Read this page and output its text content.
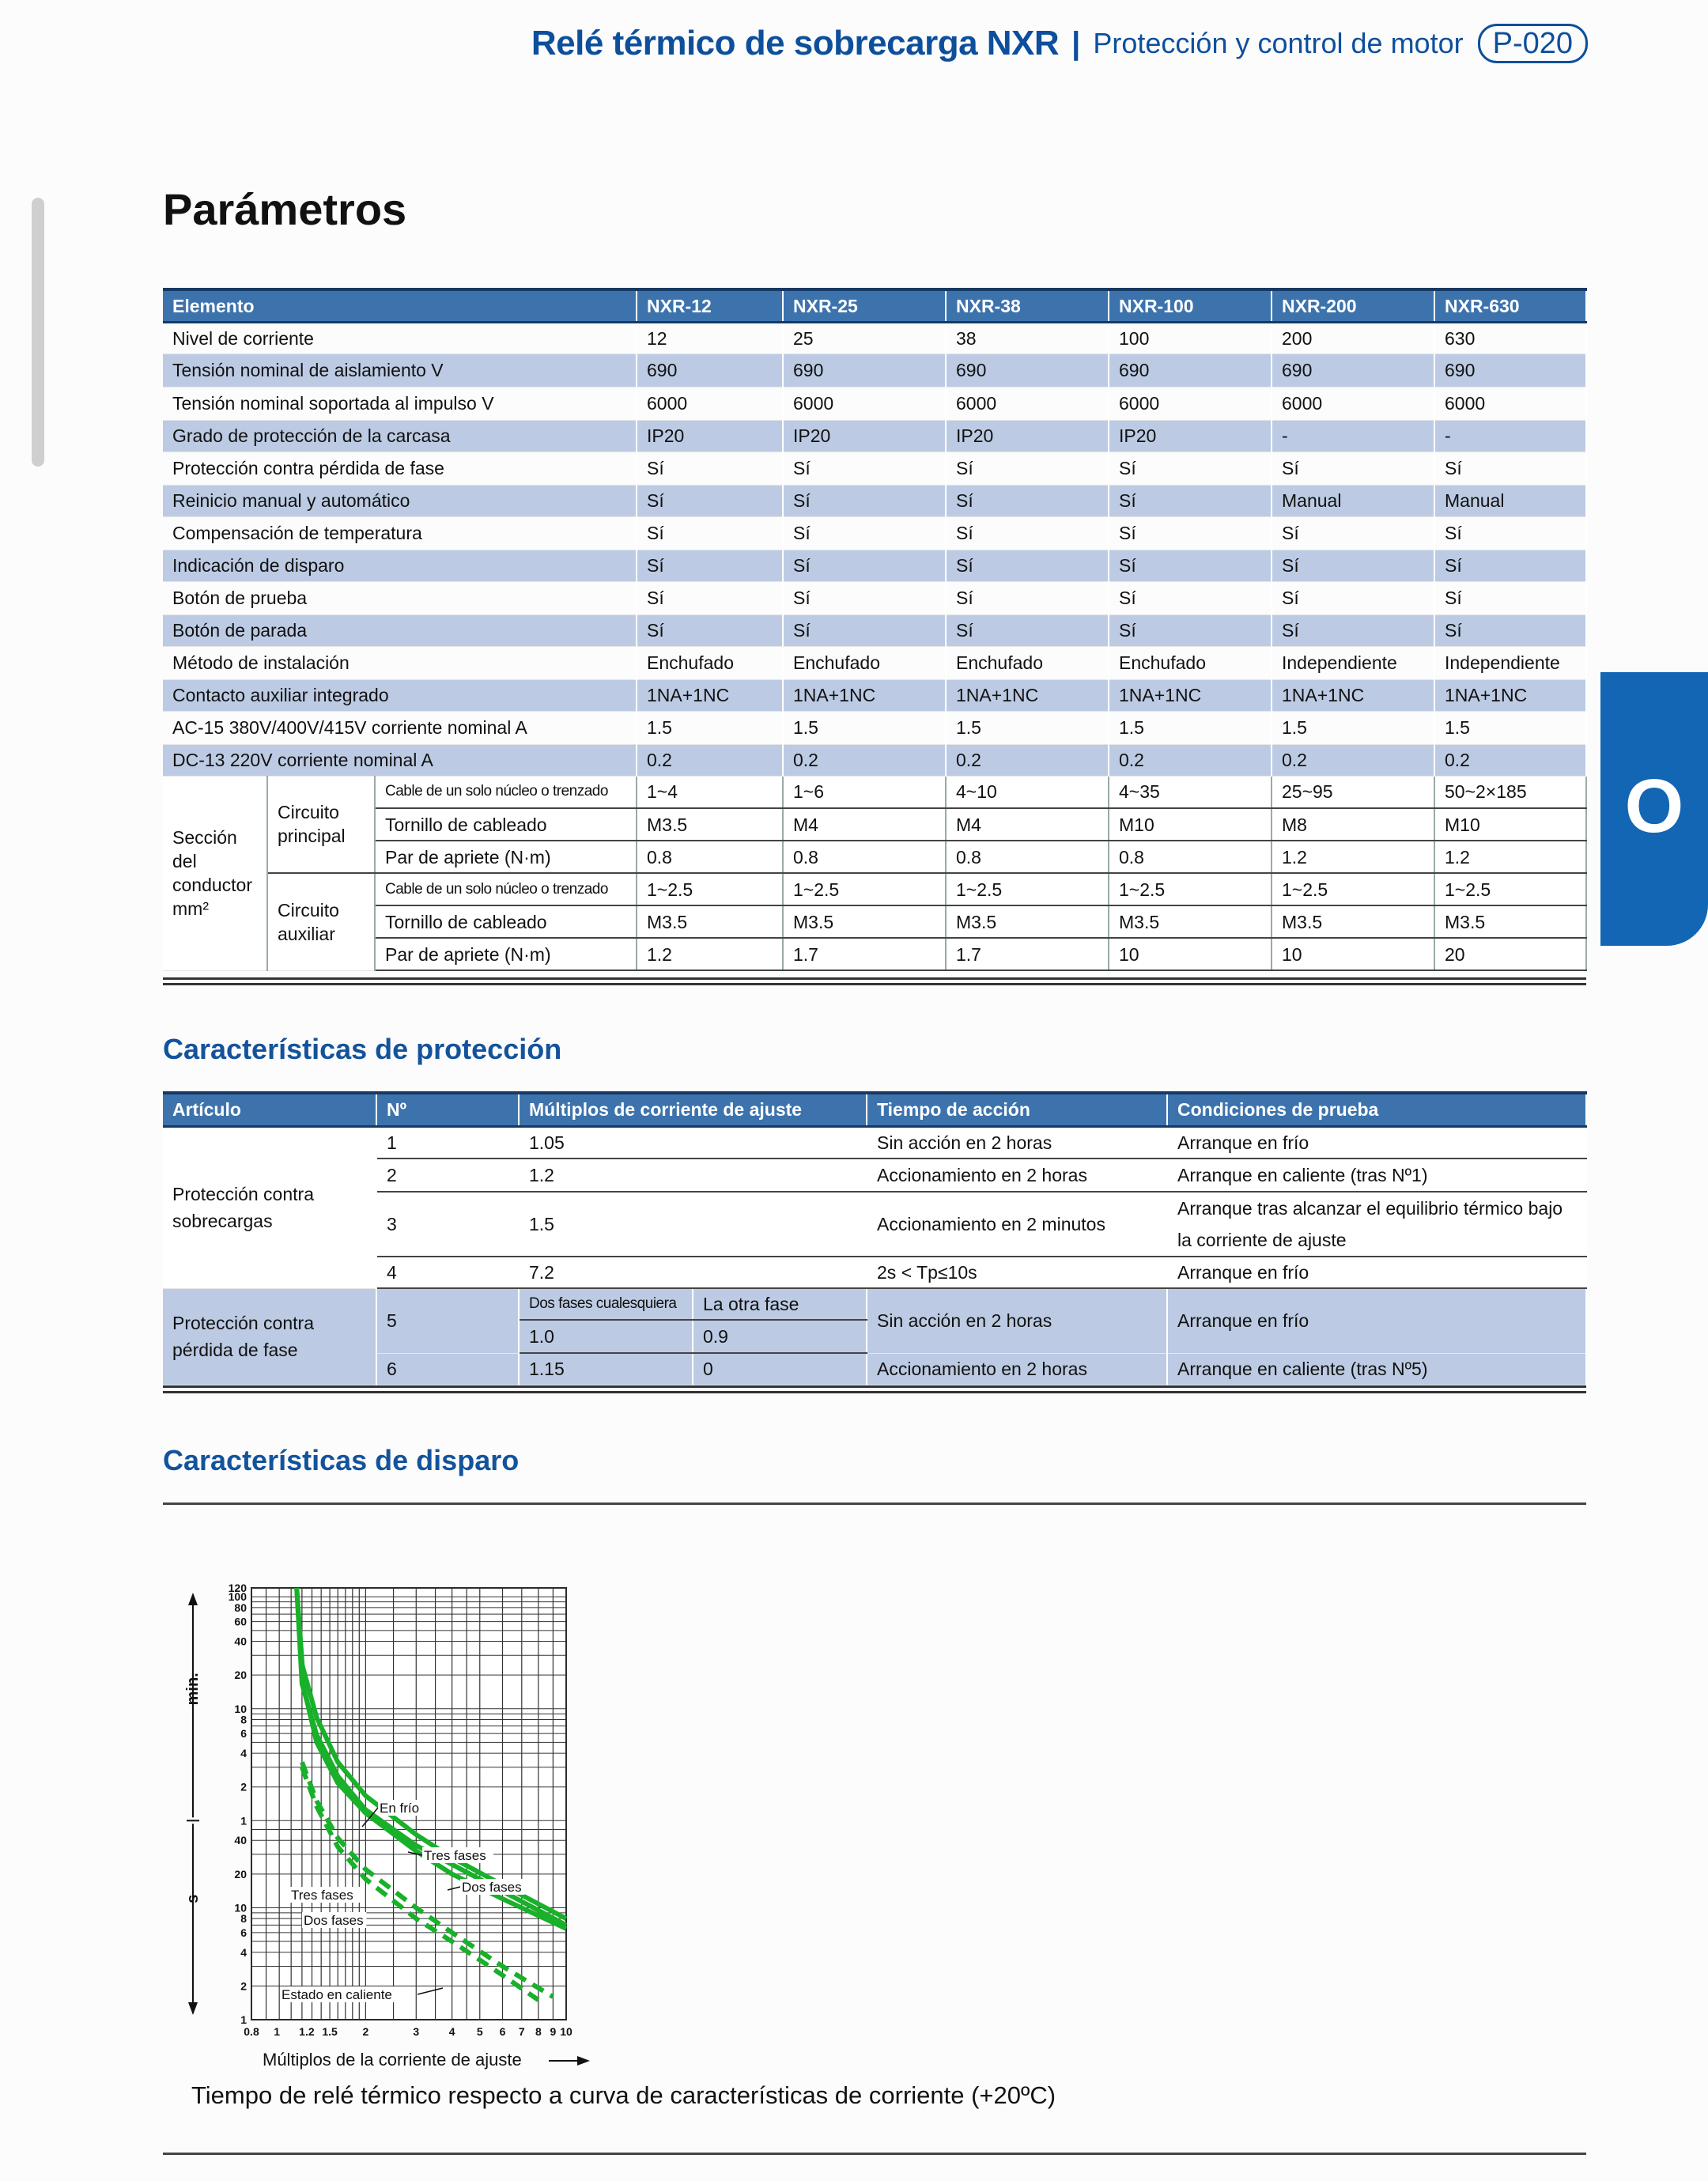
Relé térmico de sobrecarga NXR | Protección y control de motor P-020
O
Parámetros
Elemento			NXR-12	NXR-25	NXR-38	NXR-100	NXR-200	NXR-630
Nivel de corriente			12	25	38	100	200	630
Tensión nominal de aislamiento V			690	690	690	690	690	690
Tensión nominal soportada al impulso V			6000	6000	6000	6000	6000	6000
Grado de protección de la carcasa			IP20	IP20	IP20	IP20	-	-
Protección contra pérdida de fase			Sí	Sí	Sí	Sí	Sí	Sí
Reinicio manual y automático			Sí	Sí	Sí	Sí	Manual	Manual
Compensación de temperatura			Sí	Sí	Sí	Sí	Sí	Sí
Indicación de disparo			Sí	Sí	Sí	Sí	Sí	Sí
Botón de prueba			Sí	Sí	Sí	Sí	Sí	Sí
Botón de parada			Sí	Sí	Sí	Sí	Sí	Sí
Método de instalación			Enchufado	Enchufado	Enchufado	Enchufado	Independiente	Independiente
Contacto auxiliar integrado			1NA+1NC	1NA+1NC	1NA+1NC	1NA+1NC	1NA+1NC	1NA+1NC
AC-15 380V/400V/415V corriente nominal A			1.5	1.5	1.5	1.5	1.5	1.5
DC-13 220V corriente nominal A			0.2	0.2	0.2	0.2	0.2	0.2
Sección del conductor mm²	Circuito principal	Cable de un solo núcleo o trenzado	1~4	1~6	4~10	4~35	25~95	50~2×185
		Tornillo de cableado	M3.5	M4	M4	M10	M8	M10
		Par de apriete (N·m)	0.8	0.8	0.8	0.8	1.2	1.2
	Circuito auxiliar	Cable de un solo núcleo o trenzado	1~2.5	1~2.5	1~2.5	1~2.5	1~2.5	1~2.5
		Tornillo de cableado	M3.5	M3.5	M3.5	M3.5	M3.5	M3.5
		Par de apriete (N·m)	1.2	1.7	1.7	10	10	20
Características de protección
Artículo	Nº	Múltiplos de corriente de ajuste		Tiempo de acción	Condiciones de prueba
Protección contra sobrecargas	1	1.05		Sin acción en 2 horas	Arranque en frío
	2	1.2		Accionamiento en 2 horas	Arranque en caliente (tras Nº1)
	3	1.5		Accionamiento en 2 minutos	Arranque tras alcanzar el equilibrio térmico bajo
la corriente de ajuste
	4	7.2		2s < Tp≤10s	Arranque en frío
Protección contra pérdida de fase	5	Dos fases cualesquiera	La otra fase	Sin acción en 2 horas	Arranque en frío
		1.0	0.9		
	6	1.15	0	Accionamiento en 2 horas	Arranque en caliente (tras Nº5)
Características de disparo
120
100
80
60
40
20
10
8
6
4
2
1
40
20
10
8
6
4
2
1
0.8 1 1.2 1.5 2	3	4 5 6 7 8 9 10
min.
s
En frío
Tres fases
Dos fases
Tres fases
Dos fases
Estado en caliente
Múltiplos de la corriente de ajuste

Tiempo de relé térmico respecto a curva de características de corriente (+20ºC)
